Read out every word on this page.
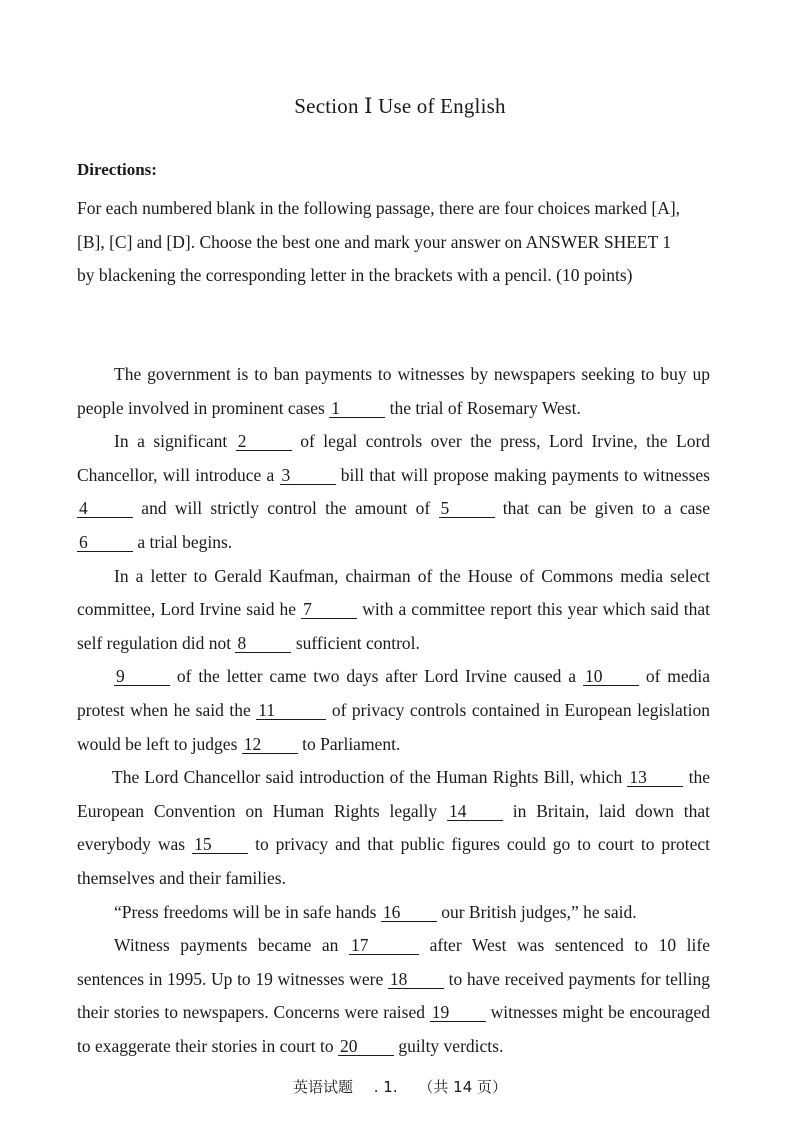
Section Ⅰ Use of English
Directions:
For each numbered blank in the following passage, there are four choices marked [A],
[B], [C] and [D]. Choose the best one and mark your answer on ANSWER SHEET 1
by blackening the corresponding letter in the brackets with a pencil. (10 points)

The government is to ban payments to witnesses by newspapers seeking to buy up people involved in prominent cases 1	the trial of Rosemary West.

In a significant 2	of legal controls over the press, Lord Irvine, the Lord Chancellor, will introduce a 3	bill that will propose making payments to witnesses 4	and will strictly control the amount of 5	that can be given to a case 6	a trial begins.

In a letter to Gerald Kaufman, chairman of the House of Commons media select committee, Lord Irvine said he 7	with a committee report this year which said that self regulation did not 8	sufficient control.

9	of the letter came two days after Lord Irvine caused a 10 of media protest when he said the 11	of privacy controls contained in European legislation would be left to judges 12 to Parliament.

The Lord Chancellor said introduction of the Human Rights Bill, which 13 the European Convention on Human Rights legally 14	in Britain, laid down that everybody was 15 to privacy and that public figures could go to court to protect themselves and their families.

“Press freedoms will be in safe hands 16 our British judges,” he said.

Witness payments became an 17	after West was sentenced to 10 life sentences in 1995. Up to 19 witnesses were 18 to have received payments for telling their stories to newspapers. Concerns were raised 19 witnesses might be encouraged to exaggerate their stories in court to 20 guilty verdicts.

英语试题 . 1. （共 14 页）
